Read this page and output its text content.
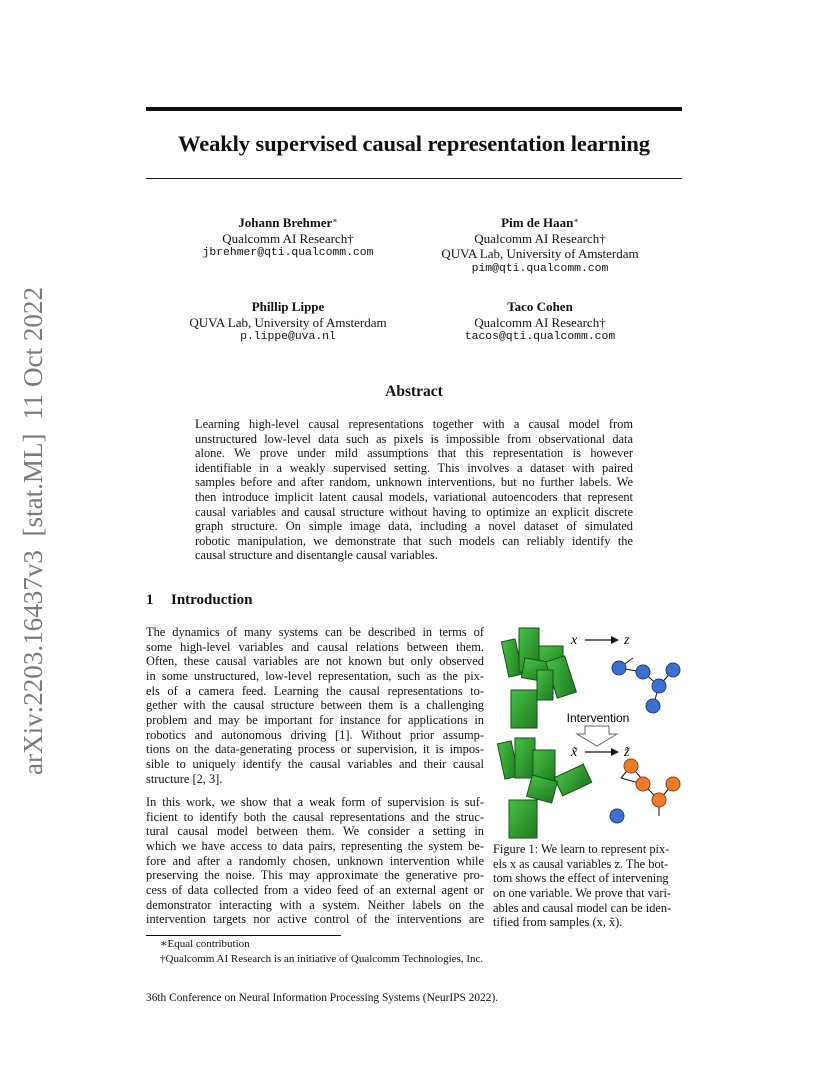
arXiv:2203.16437v3  [stat.ML]  11 Oct 2022
Weakly supervised causal representation learning
Johann Brehmer∗
Qualcomm AI Research†
jbrehmer@qti.qualcomm.com
Pim de Haan∗
Qualcomm AI Research†
QUVA Lab, University of Amsterdam
pim@qti.qualcomm.com
Phillip Lippe
QUVA Lab, University of Amsterdam
p.lippe@uva.nl
Taco Cohen
Qualcomm AI Research†
tacos@qti.qualcomm.com
Abstract
Learning high-level causal representations together with a causal model from
unstructured low-level data such as pixels is impossible from observational data
alone. We prove under mild assumptions that this representation is however
identifiable in a weakly supervised setting. This involves a dataset with paired
samples before and after random, unknown interventions, but no further labels. We
then introduce implicit latent causal models, variational autoencoders that represent
causal variables and causal structure without having to optimize an explicit discrete
graph structure. On simple image data, including a novel dataset of simulated
robotic manipulation, we demonstrate that such models can reliably identify the
causal structure and disentangle causal variables.
1 Introduction
The dynamics of many systems can be described in terms of
some high-level variables and causal relations between them.
Often, these causal variables are not known but only observed
in some unstructured, low-level representation, such as the pix-
els of a camera feed. Learning the causal representations to-
gether with the causal structure between them is a challenging
problem and may be important for instance for applications in
robotics and autonomous driving [1]. Without prior assump-
tions on the data-generating process or supervision, it is impos-
sible to uniquely identify the causal variables and their causal
structure [2, 3].
In this work, we show that a weak form of supervision is suf-
ficient to identify both the causal representations and the struc-
tural causal model between them. We consider a setting in
which we have access to data pairs, representing the system be-
fore and after a randomly chosen, unknown intervention while
preserving the noise. This may approximate the generative pro-
cess of data collected from a video feed of an external agent or
demonstrator interacting with a system. Neither labels on the
intervention targets nor active control of the interventions are
x	z
Intervention
x̃	z̃
Figure 1: We learn to represent pix-
els x as causal variables z. The bot-
tom shows the effect of intervening
on one variable. We prove that vari-
ables and causal model can be iden-
tified from samples (x, x̃).
∗Equal contribution
†Qualcomm AI Research is an initiative of Qualcomm Technologies, Inc.
36th Conference on Neural Information Processing Systems (NeurIPS 2022).
